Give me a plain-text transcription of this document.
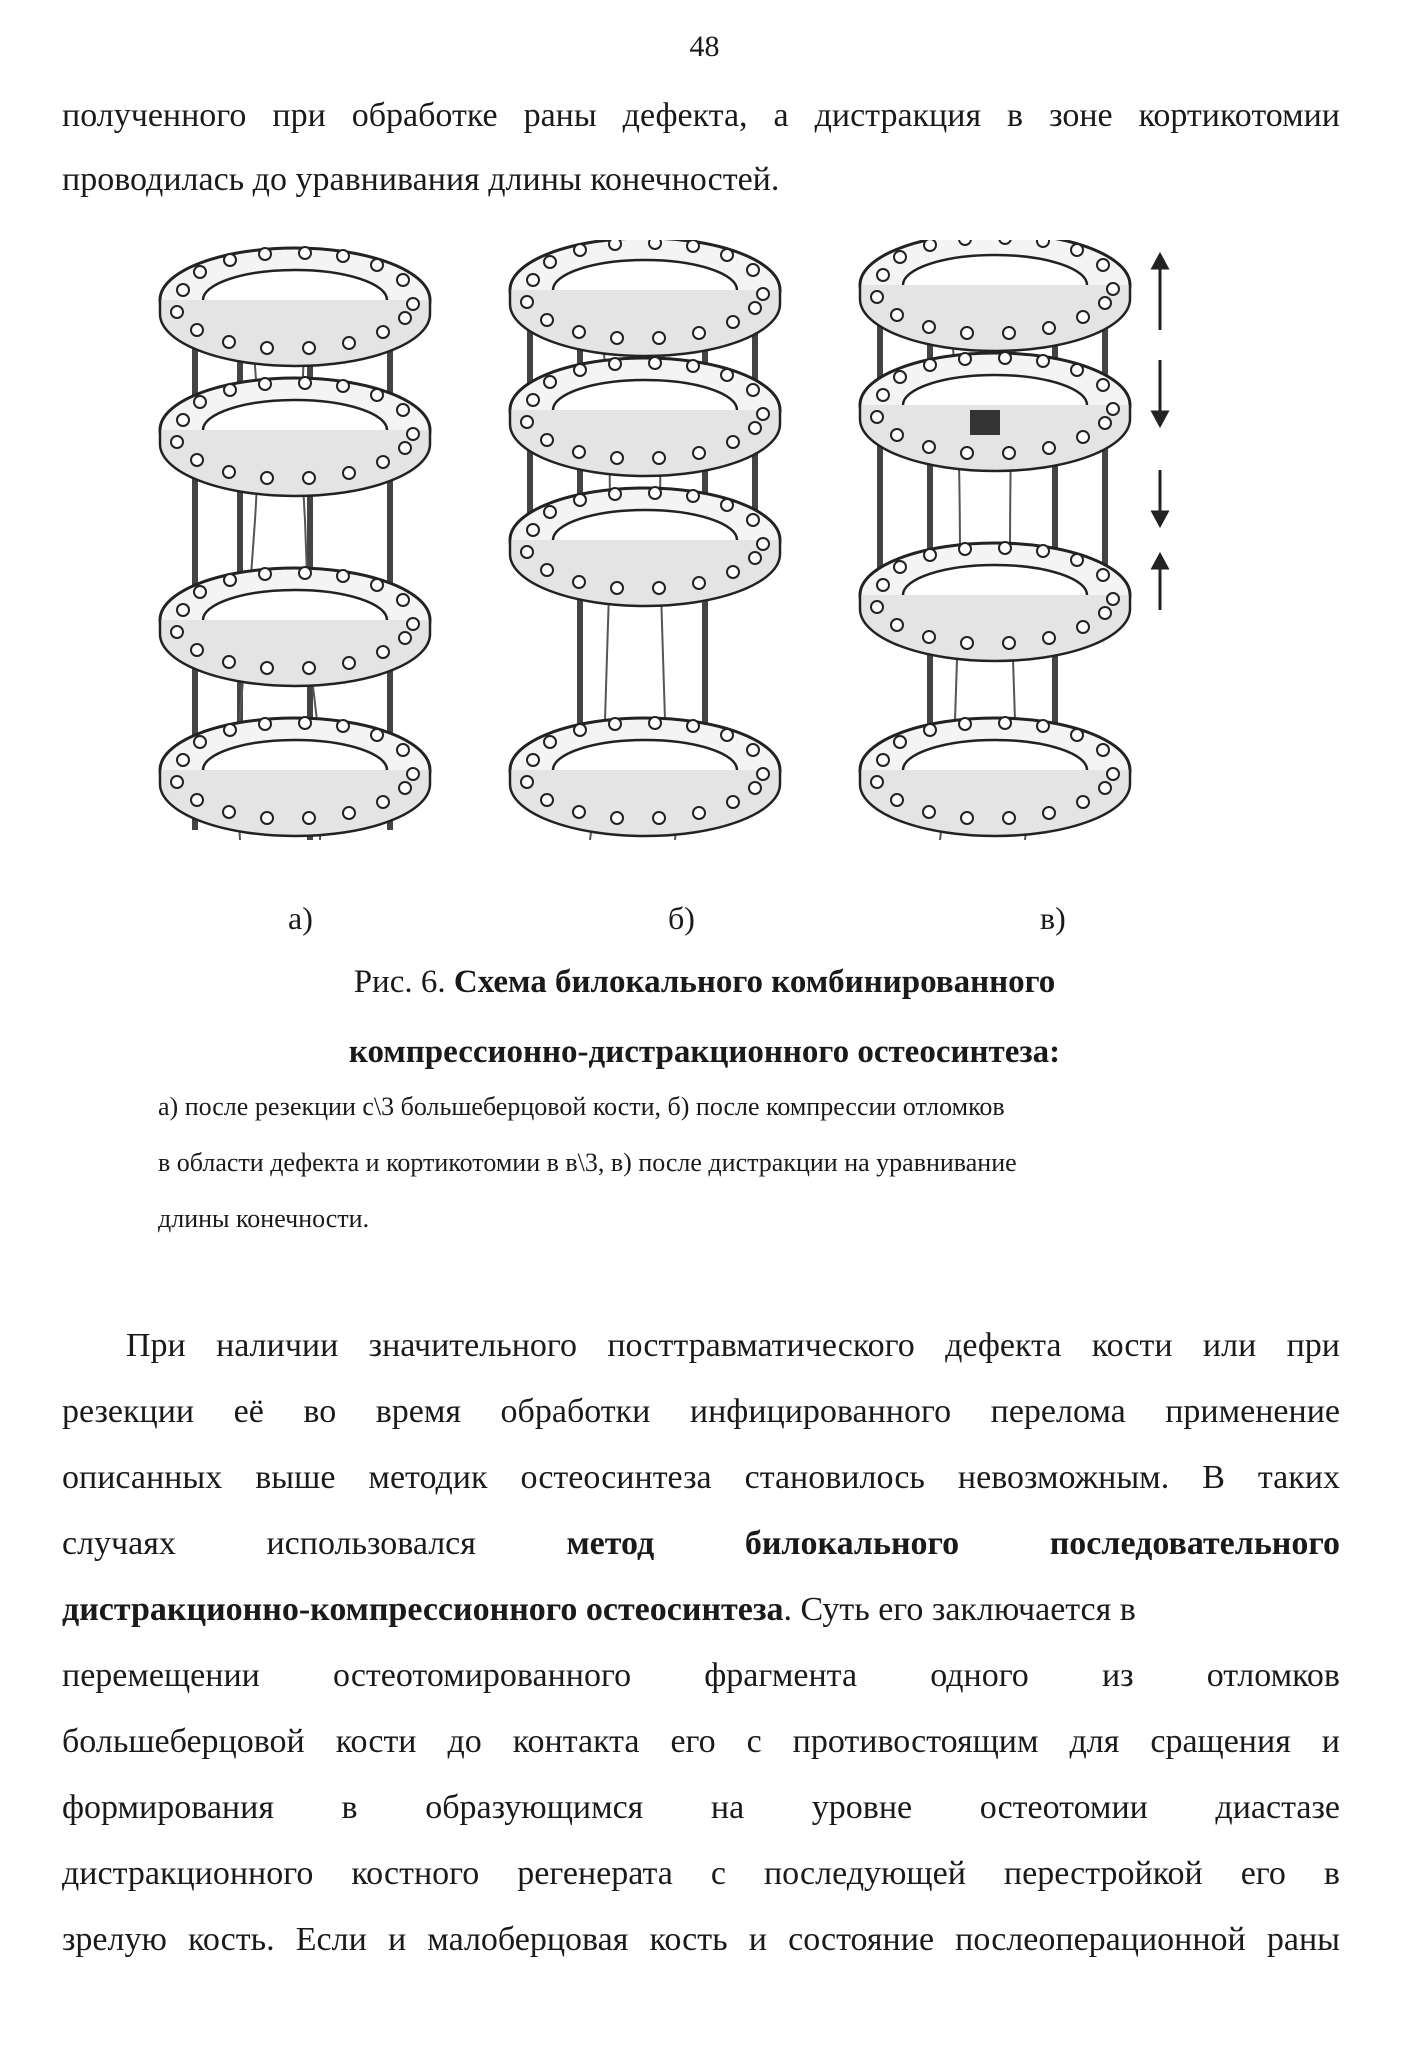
48
полученного при обработке раны дефекта, а дистракция в зоне кортикотомии
проводилась до уравнивания длины конечностей.
а)	б)	в)
Рис. 6. Схема билокального комбинированного
компрессионно-дистракционного остеосинтеза:
а) после резекции с\3 большеберцовой кости, б) после компрессии отломков
в области дефекта и кортикотомии в в\3, в) после дистракции на уравнивание
длины конечности.
При наличии значительного посттравматического дефекта кости или при
резекции её во время обработки инфицированного перелома применение
описанных выше методик остеосинтеза становилось невозможным. В таких
случаях	использовался	метод	билокального	последовательного
дистракционно-компрессионного остеосинтеза. Суть его заключается в
перемещении остеотомированного фрагмента одного из отломков
большеберцовой кости до контакта его с противостоящим для сращения и
формирования в образующимся на уровне остеотомии диастазе
дистракционного костного регенерата с последующей перестройкой его в
зрелую кость. Если и малоберцовая кость и состояние послеоперационной раны
